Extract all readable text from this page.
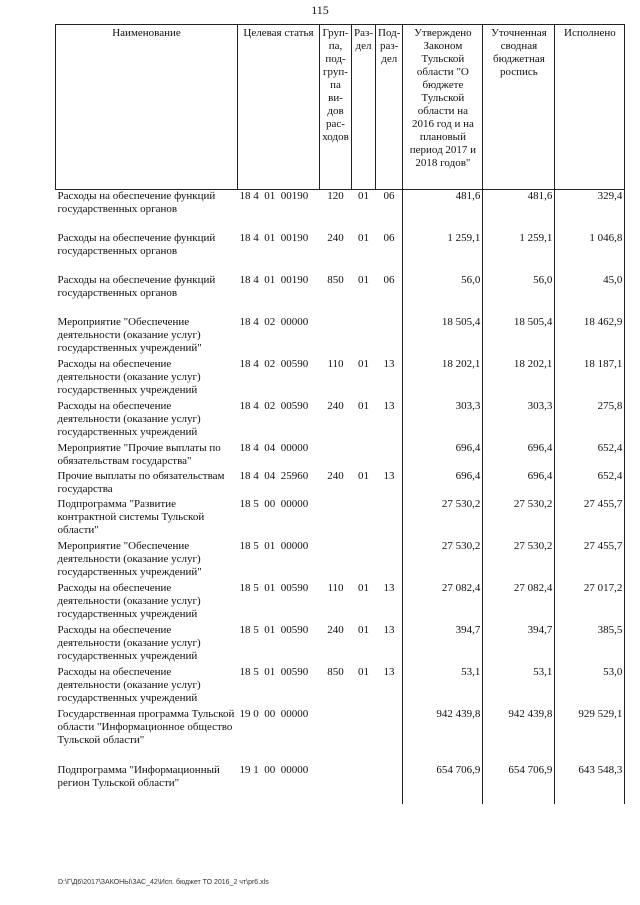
115
Наименование	Целевая статья	Груп-па, под-груп-па ви-дов рас-ходов	Раз-дел	Под-раз-дел	Утверждено Законом Тульской области "О бюджете Тульской области на 2016 год и на плановый период 2017 и 2018 годов"	Уточненная сводная бюджетная роспись	Исполнено
Расходы на обеспечение функций государственных органов	18 4  01  00190	120	01	06	481,6	481,6	329,4
Расходы на обеспечение функций государственных органов	18 4  01  00190	240	01	06	1 259,1	1 259,1	1 046,8
Расходы на обеспечение функций государственных органов	18 4  01  00190	850	01	06	56,0	56,0	45,0
Мероприятие "Обеспечение деятельности (оказание услуг) государственных учреждений"	18 4  02  00000				18 505,4	18 505,4	18 462,9
Расходы на обеспечение деятельности (оказание услуг) государственных учреждений	18 4  02  00590	110	01	13	18 202,1	18 202,1	18 187,1
Расходы на обеспечение деятельности (оказание услуг) государственных учреждений	18 4  02  00590	240	01	13	303,3	303,3	275,8
Мероприятие "Прочие выплаты по обязательствам государства"	18 4  04  00000				696,4	696,4	652,4
Прочие выплаты по обязательствам государства	18 4  04  25960	240	01	13	696,4	696,4	652,4
Подпрограмма "Развитие контрактной системы Тульской области"	18 5  00  00000				27 530,2	27 530,2	27 455,7
Мероприятие "Обеспечение деятельности (оказание услуг) государственных учреждений"	18 5  01  00000				27 530,2	27 530,2	27 455,7
Расходы на обеспечение деятельности (оказание услуг) государственных учреждений	18 5  01  00590	110	01	13	27 082,4	27 082,4	27 017,2
Расходы на обеспечение деятельности (оказание услуг) государственных учреждений	18 5  01  00590	240	01	13	394,7	394,7	385,5
Расходы на обеспечение деятельности (оказание услуг) государственных учреждений	18 5  01  00590	850	01	13	53,1	53,1	53,0
Государственная программа Тульской области "Информационное общество Тульской области"	19 0  00  00000				942 439,8	942 439,8	929 529,1
Подпрограмма "Информационный регион Тульской области"	19 1  00  00000				654 706,9	654 706,9	643 548,3
D:\Г\Д6\2017\ЗАКОНЫ\ЗАС_42\Исп. бюджет ТО 2016_2 чт\pr6.xls
